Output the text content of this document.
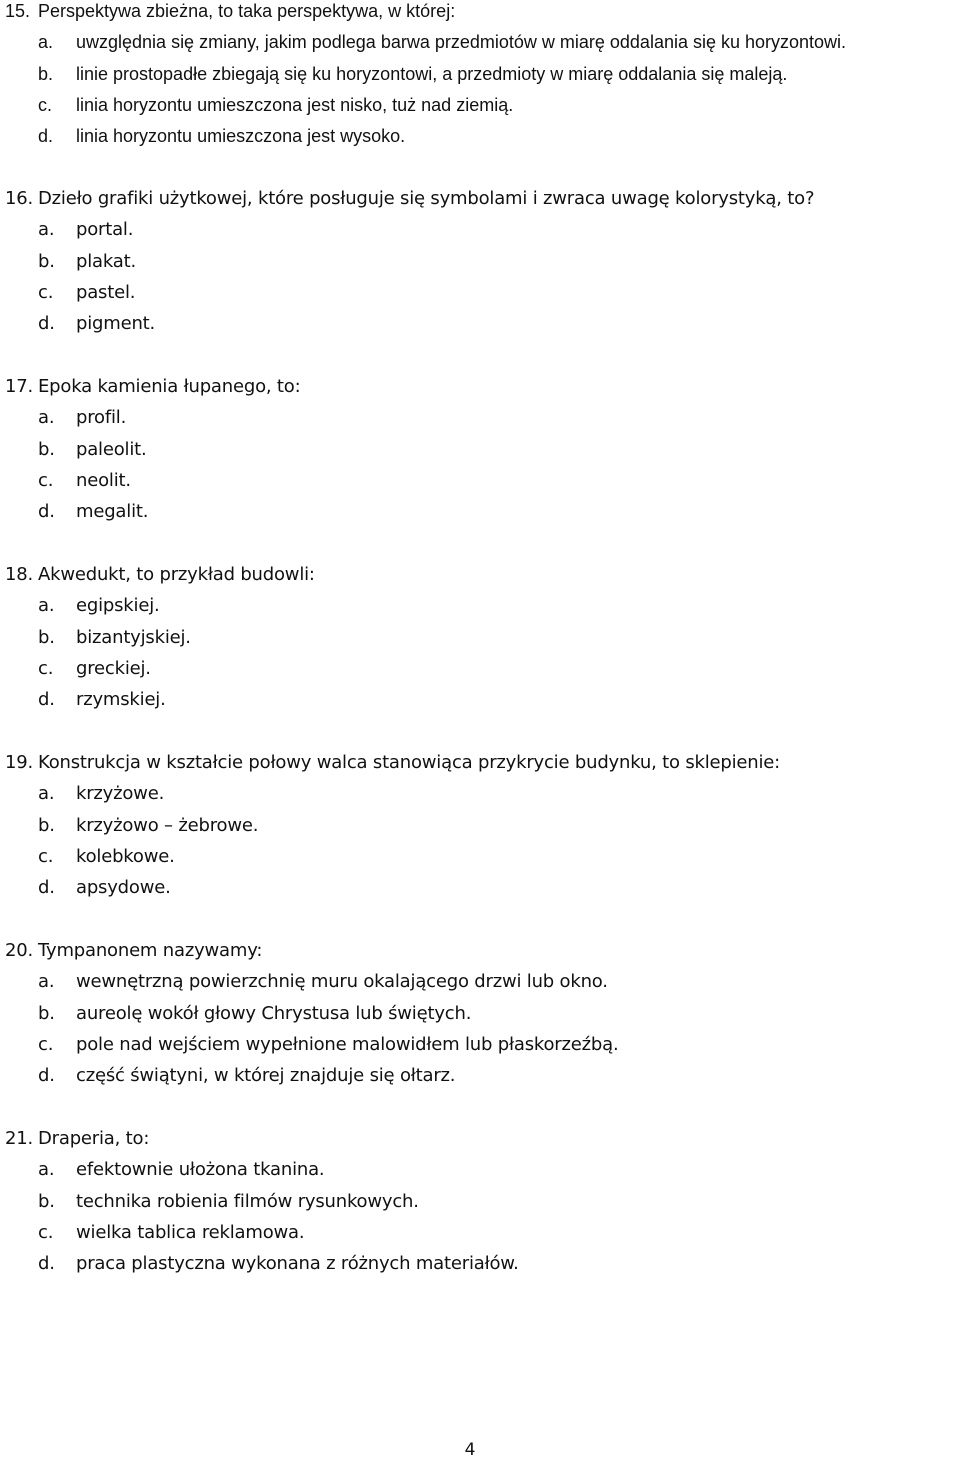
15. Perspektywa zbieżna, to taka perspektywa, w której:
a. uwzględnia się zmiany, jakim podlega barwa przedmiotów w miarę oddalania się ku horyzontowi.
b. linie prostopadłe zbiegają się ku horyzontowi, a przedmioty w miarę oddalania się maleją.
c. linia horyzontu umieszczona jest nisko, tuż nad ziemią.
d. linia horyzontu umieszczona jest wysoko.
16. Dzieło grafiki użytkowej, które posługuje się symbolami i zwraca uwagę kolorystyką, to?
a. portal.
b. plakat.
c. pastel.
d. pigment.
17. Epoka kamienia łupanego, to:
a. profil.
b. paleolit.
c. neolit.
d. megalit.
18. Akwedukt, to przykład budowli:
a. egipskiej.
b. bizantyjskiej.
c. greckiej.
d. rzymskiej.
19. Konstrukcja w kształcie połowy walca stanowiąca przykrycie budynku, to sklepienie:
a. krzyżowe.
b. krzyżowo – żebrowe.
c. kolebkowe.
d. apsydowe.
20. Tympanonem nazywamy:
a. wewnętrzną powierzchnię muru okalającego drzwi lub okno.
b. aureolę wokół głowy Chrystusa lub świętych.
c. pole nad wejściem wypełnione malowidłem lub płaskorzeźbą.
d. część świątyni, w której znajduje się ołtarz.
21. Draperia, to:
a. efektownie ułożona tkanina.
b. technika robienia filmów rysunkowych.
c. wielka tablica reklamowa.
d. praca plastyczna wykonana z różnych materiałów.
4
